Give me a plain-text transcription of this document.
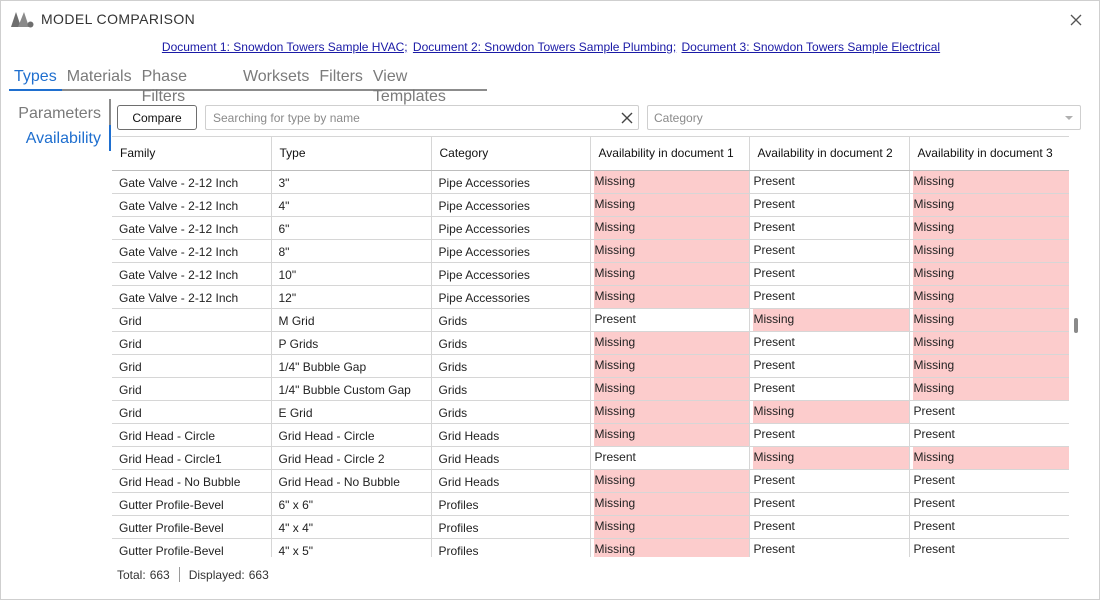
MODEL COMPARISON
Document 1: Snowdon Towers Sample HVAC; Document 2: Snowdon Towers Sample Plumbing; Document 3: Snowdon Towers Sample Electrical
Types Materials Phase Filters
Worksets Filters View Templates
Parameters
Availability
Compare
Searching for type by name	Category
Family	Type	Category	Availability in document 1	Availability in document 2	Availability in document 3
Gate Valve - 2-12 Inch	3"	Pipe Accessories	Missing	Present	Missing

Gate Valve - 2-12 Inch	4"	Pipe Accessories	Missing	Present	Missing

Gate Valve - 2-12 Inch	6"	Pipe Accessories	Missing	Present	Missing

Gate Valve - 2-12 Inch	8"	Pipe Accessories	Missing	Present	Missing

Gate Valve - 2-12 Inch	10"	Pipe Accessories	Missing	Present	Missing

Gate Valve - 2-12 Inch	12"	Pipe Accessories	Missing	Present	Missing

Grid	M Grid	Grids	Present	Missing	Missing

Grid	P Grids	Grids	Missing	Present	Missing

Grid	1/4" Bubble Gap	Grids	Missing	Present	Missing

Grid	1/4" Bubble Custom Gap	Grids	Missing	Present	Missing

Grid	E Grid	Grids	Missing	Missing	Present

Grid Head - Circle	Grid Head - Circle	Grid Heads	Missing	Present	Present

Grid Head - Circle1	Grid Head - Circle 2	Grid Heads	Present	Missing	Missing

Grid Head - No Bubble	Grid Head - No Bubble	Grid Heads	Missing	Present	Present

Gutter Profile-Bevel	6" x 6"	Profiles	Missing	Present	Present

Gutter Profile-Bevel	4" x 4"	Profiles	Missing	Present	Present

Gutter Profile-Bevel	4" x 5"	Profiles	Missing	Present	Present
Total: 663 Displayed: 663
